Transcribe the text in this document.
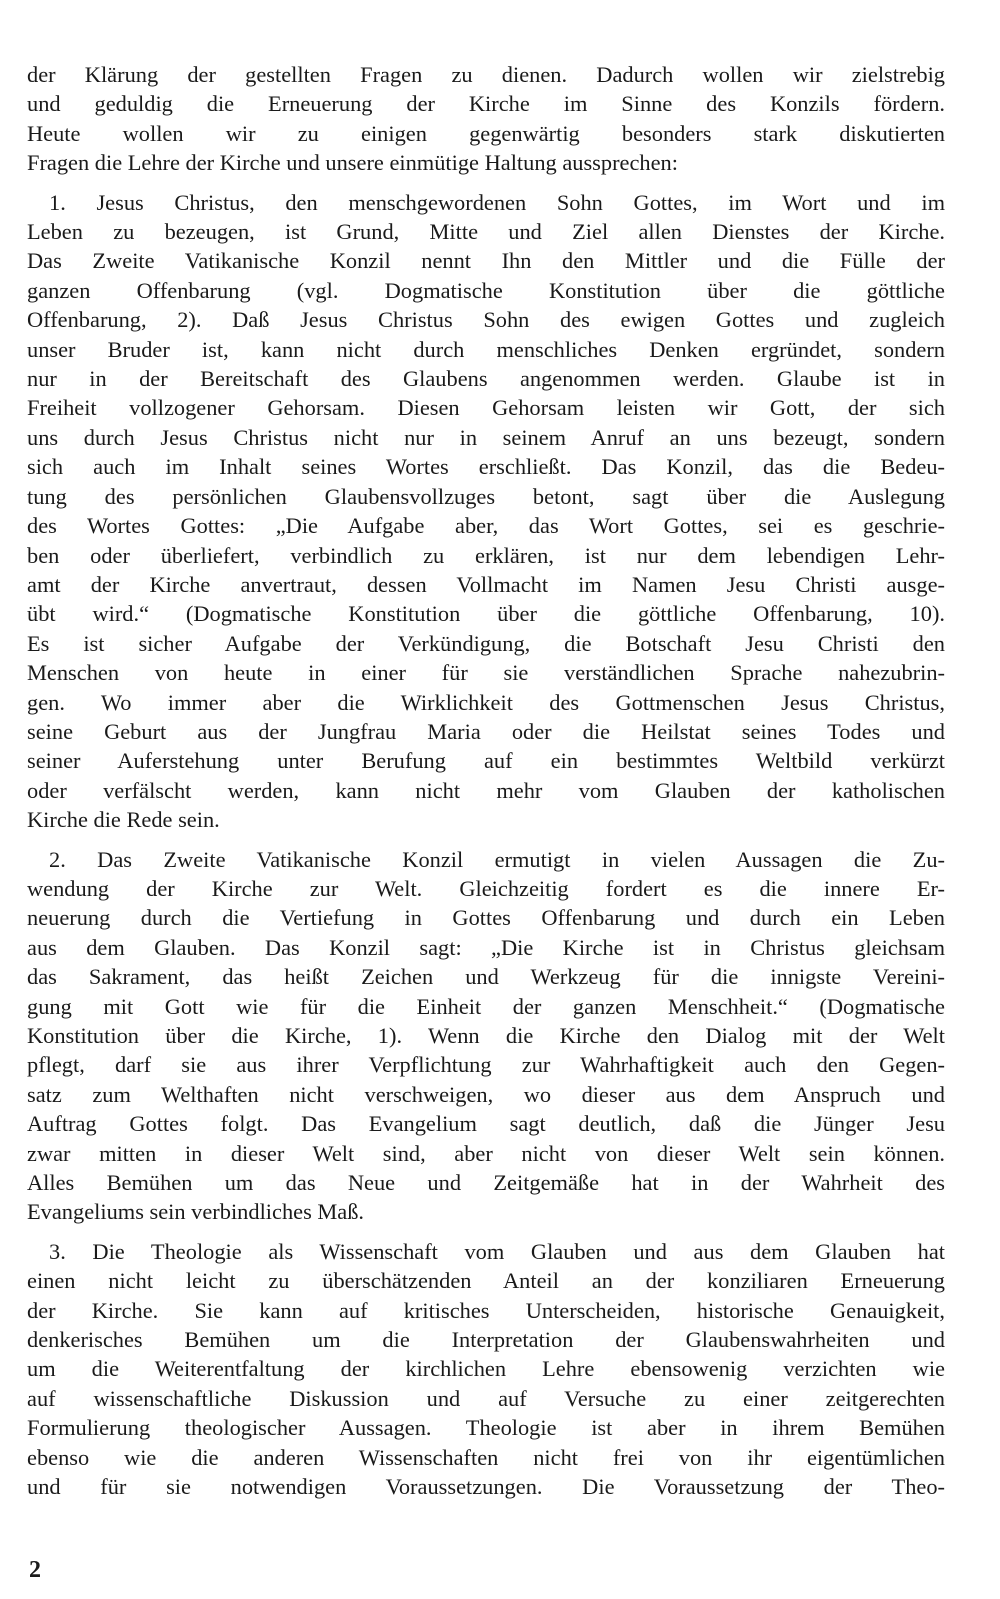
der Klärung der gestellten Fragen zu dienen. Dadurch wollen wir zielstrebig
und geduldig die Erneuerung der Kirche im Sinne des Konzils fördern.
Heute wollen wir zu einigen gegenwärtig besonders stark diskutierten
Fragen die Lehre der Kirche und unsere einmütige Haltung aussprechen:

1. Jesus Christus, den menschgewordenen Sohn Gottes, im Wort und im
Leben zu bezeugen, ist Grund, Mitte und Ziel allen Dienstes der Kirche.
Das Zweite Vatikanische Konzil nennt Ihn den Mittler und die Fülle der
ganzen Offenbarung (vgl. Dogmatische Konstitution über die göttliche
Offenbarung, 2). Daß Jesus Christus Sohn des ewigen Gottes und zugleich
unser Bruder ist, kann nicht durch menschliches Denken ergründet, sondern
nur in der Bereitschaft des Glaubens angenommen werden. Glaube ist in
Freiheit vollzogener Gehorsam. Diesen Gehorsam leisten wir Gott, der sich
uns durch Jesus Christus nicht nur in seinem Anruf an uns bezeugt, sondern
sich auch im Inhalt seines Wortes erschließt. Das Konzil, das die Bedeu-
tung des persönlichen Glaubensvollzuges betont, sagt über die Auslegung
des Wortes Gottes: „Die Aufgabe aber, das Wort Gottes, sei es geschrie-
ben oder überliefert, verbindlich zu erklären, ist nur dem lebendigen Lehr-
amt der Kirche anvertraut, dessen Vollmacht im Namen Jesu Christi ausge-
übt wird.“ (Dogmatische Konstitution über die göttliche Offenbarung, 10).
Es ist sicher Aufgabe der Verkündigung, die Botschaft Jesu Christi den
Menschen von heute in einer für sie verständlichen Sprache nahezubrin-
gen. Wo immer aber die Wirklichkeit des Gottmenschen Jesus Christus,
seine Geburt aus der Jungfrau Maria oder die Heilstat seines Todes und
seiner Auferstehung unter Berufung auf ein bestimmtes Weltbild verkürzt
oder verfälscht werden, kann nicht mehr vom Glauben der katholischen
Kirche die Rede sein.

2. Das Zweite Vatikanische Konzil ermutigt in vielen Aussagen die Zu-
wendung der Kirche zur Welt. Gleichzeitig fordert es die innere Er-
neuerung durch die Vertiefung in Gottes Offenbarung und durch ein Leben
aus dem Glauben. Das Konzil sagt: „Die Kirche ist in Christus gleichsam
das Sakrament, das heißt Zeichen und Werkzeug für die innigste Vereini-
gung mit Gott wie für die Einheit der ganzen Menschheit.“ (Dogmatische
Konstitution über die Kirche, 1). Wenn die Kirche den Dialog mit der Welt
pflegt, darf sie aus ihrer Verpflichtung zur Wahrhaftigkeit auch den Gegen-
satz zum Welthaften nicht verschweigen, wo dieser aus dem Anspruch und
Auftrag Gottes folgt. Das Evangelium sagt deutlich, daß die Jünger Jesu
zwar mitten in dieser Welt sind, aber nicht von dieser Welt sein können.
Alles Bemühen um das Neue und Zeitgemäße hat in der Wahrheit des
Evangeliums sein verbindliches Maß.

3. Die Theologie als Wissenschaft vom Glauben und aus dem Glauben hat
einen nicht leicht zu überschätzenden Anteil an der konziliaren Erneuerung
der Kirche. Sie kann auf kritisches Unterscheiden, historische Genauigkeit,
denkerisches Bemühen um die Interpretation der Glaubenswahrheiten und
um die Weiterentfaltung der kirchlichen Lehre ebensowenig verzichten wie
auf wissenschaftliche Diskussion und auf Versuche zu einer zeitgerechten
Formulierung theologischer Aussagen. Theologie ist aber in ihrem Bemühen
ebenso wie die anderen Wissenschaften nicht frei von ihr eigentümlichen
und für sie notwendigen Voraussetzungen. Die Voraussetzung der Theo-

2
